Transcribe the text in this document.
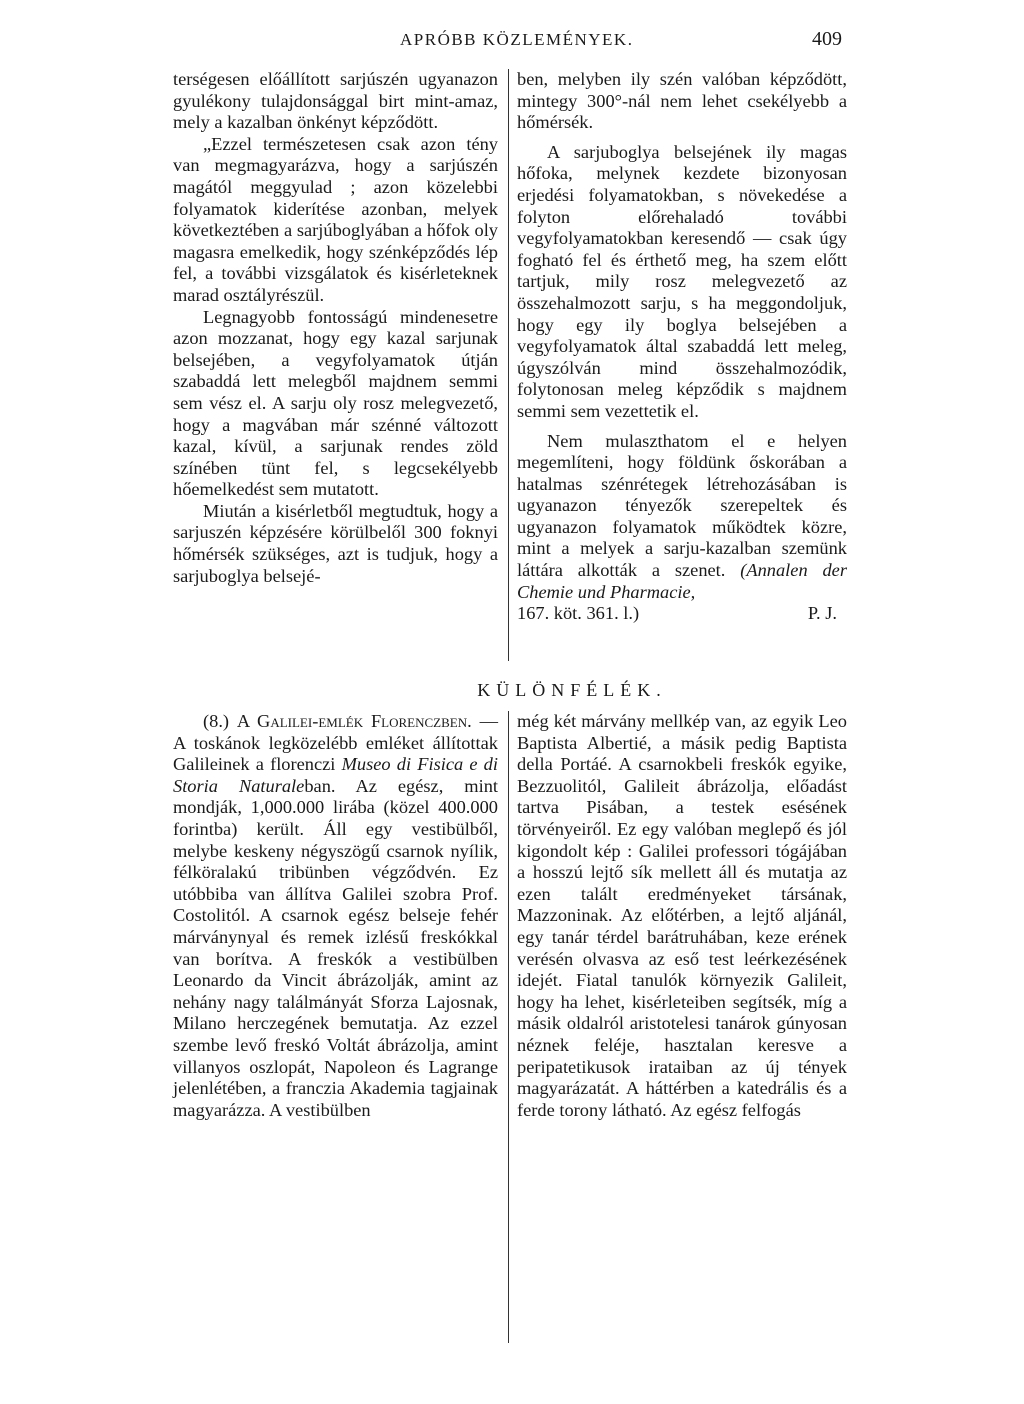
APRÓBB KÖZLEMÉNYEK.	409

terségesen előállított sarjúszén ugyanazon gyulékony tulajdonsággal birt mint-amaz, mely a kazalban önkényt képződött.

„Ezzel természetesen csak azon tény van megmagyarázva, hogy a sarjúszén magától meggyulad ; azon közelebbi folyamatok kiderítése azonban, melyek következtében a sarjúboglyában a hőfok oly magasra emelkedik, hogy szénképződés lép fel, a további vizsgálatok és kisérleteknek marad osztályrészül.

Legnagyobb fontosságú mindenesetre azon mozzanat, hogy egy kazal sarjunak belsejében, a vegyfolyamatok útján szabaddá lett melegből majdnem semmi sem vész el. A sarju oly rosz melegvezető, hogy a magvában már szénné változott kazal, kívül, a sarjunak rendes zöld színében tünt fel, s legcsekélyebb hőemelkedést sem mutatott.

Miután a kisérletből megtudtuk, hogy a sarjuszén képzésére körülbelől 300 foknyi hőmérsék szükséges, azt is tudjuk, hogy a sarjuboglya belsejé-

ben, melyben ily szén valóban képződött, mintegy 300°-nál nem lehet csekélyebb a hőmérsék.

A sarjuboglya belsejének ily magas hőfoka, melynek kezdete bizonyosan erjedési folyamatokban, s növekedése a folyton előrehaladó további vegyfolyamatokban keresendő — csak úgy fogható fel és érthető meg, ha szem előtt tartjuk, mily rosz melegvezető az összehalmozott sarju, s ha meggondoljuk, hogy egy ily boglya belsejében a vegyfolyamatok által szabaddá lett meleg, úgyszólván mind összehalmozódik, folytonosan meleg képződik s majdnem semmi sem vezettetik el.

Nem mulaszthatom el e helyen megemlíteni, hogy földünk őskorában a hatalmas szénrétegek létrehozásában is ugyanazon tényezők szerepeltek és ugyanazon folyamatok működtek közre, mint a melyek a sarju-kazalban szemünk láttára alkották a szenet. (Annalen der Chemie und Pharmacie,

167. köt. 361. l.)	P. J.
KÜLÖNFÉLÉK.

(8.) A Galilei-emlék Florenczben. — A toskánok legközelébb emléket állítottak Galileinek a florenczi Museo di Fisica e di Storia Naturaleban. Az egész, mint mondják, 1,000.000 lirába (közel 400.000 forintba) került. Áll egy vestibülből, melybe keskeny négyszögű csarnok nyílik, félköralakú tribünben végződvén. Ez utóbbiba van állítva Galilei szobra Prof. Costolitól. A csarnok egész belseje fehér márványnyal és remek izlésű freskókkal van borítva. A freskók a vestibülben Leonardo da Vincit ábrázolják, amint az nehány nagy találmányát Sforza Lajosnak, Milano herczegének bemutatja. Az ezzel szembe levő freskó Voltát ábrázolja, amint villanyos oszlopát, Napoleon és Lagrange jelenlétében, a franczia Akademia tagjainak magyarázza. A vestibülben

még két márvány mellkép van, az egyik Leo Baptista Albertié, a másik pedig Baptista della Portáé. A csarnokbeli freskók egyike, Bezzuolitól, Galileit ábrázolja, előadást tartva Pisában, a testek esésének törvényeiről. Ez egy valóban meglepő és jól kigondolt kép : Galilei professori tógájában a hosszú lejtő sík mellett áll és mutatja az ezen talált eredményeket társának, Mazzoninak. Az előtérben, a lejtő aljánál, egy tanár térdel barátruhában, keze erének verésén olvasva az eső test leérkezésének idejét. Fiatal tanulók környezik Galileit, hogy ha lehet, kisérleteiben segítsék, míg a másik oldalról aristotelesi tanárok gúnyosan néznek feléje, hasztalan keresve a peripatetikusok irataiban az új tények magyarázatát. A háttérben a katedrális és a ferde torony látható. Az egész felfogás
